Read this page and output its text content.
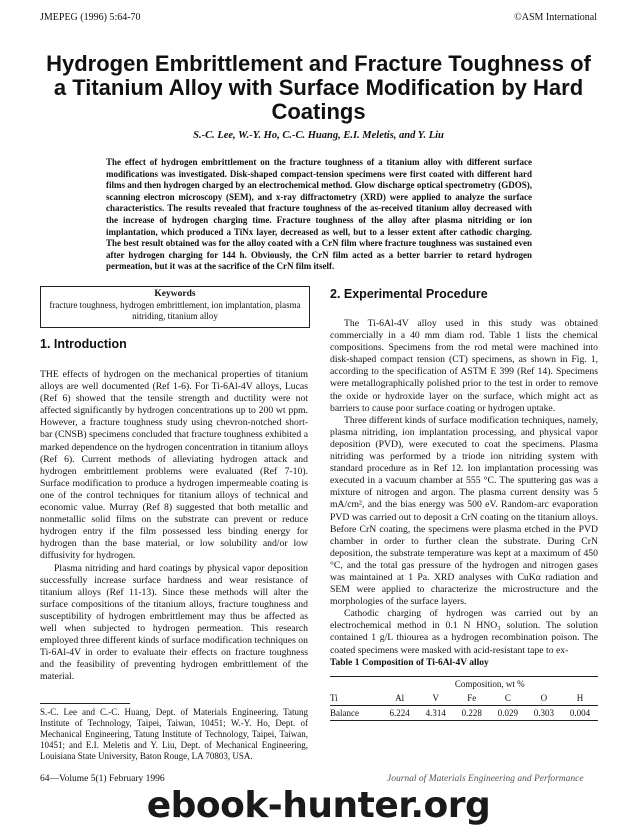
JMEPEG (1996) 5:64-70	©ASM International
Hydrogen Embrittlement and Fracture Toughness of a Titanium Alloy with Surface Modification by Hard Coatings
S.-C. Lee, W.-Y. Ho, C.-C. Huang, E.I. Meletis, and Y. Liu

The effect of hydrogen embrittlement on the fracture toughness of a titanium alloy with different surface modifications was investigated. Disk-shaped compact-tension specimens were first coated with different hard films and then hydrogen charged by an electrochemical method. Glow discharge optical spectrometry (GDOS), scanning electron microscopy (SEM), and x-ray diffractometry (XRD) were applied to analyze the surface characteristics. The results revealed that fracture toughness of the as-received titanium alloy decreased with the increase of hydrogen charging time. Fracture toughness of the alloy after plasma nitriding or ion implantation, which produced a TiNx layer, decreased as well, but to a lesser extent after cathodic charging. The best result obtained was for the alloy coated with a CrN film where fracture toughness was sustained even after hydrogen charging for 144 h. Obviously, the CrN film acted as a better barrier to retard hydrogen permeation, but it was at the sacrifice of the CrN film itself.

Keywords
fracture toughness, hydrogen embrittlement, ion implantation, plasma nitriding, titanium alloy
1. Introduction

THE effects of hydrogen on the mechanical properties of titanium alloys are well documented (Ref 1-6). For Ti-6Al-4V alloys, Lucas (Ref 6) showed that the tensile strength and ductility were not affected significantly by hydrogen concentrations up to 200 wt ppm. However, a fracture toughness study using chevron-notched short-bar (CNSB) specimens concluded that fracture toughness exhibited a marked dependence on the hydrogen concentration in titanium alloys (Ref 6). Current methods of alleviating hydrogen attack and hydrogen embrittlement problems were evaluated (Ref 7-10). Surface modification to produce a hydrogen impermeable coating is one of the control techniques for titanium alloys of technical and economic value. Murray (Ref 8) suggested that both metallic and nonmetallic solid films on the substrate can prevent or reduce hydrogen entry if the film possessed less binding energy for hydrogen than the base material, or low solubility and/or low diffusivity for hydrogen.

Plasma nitriding and hard coatings by physical vapor deposition successfully increase surface hardness and wear resistance of titanium alloys (Ref 11-13). Since these methods will alter the surface compositions of the titanium alloys, fracture toughness and susceptibility of hydrogen embrittlement may thus be affected as well when subjected to hydrogen permeation. This research employed three different kinds of surface modification techniques on Ti-6Al-4V in order to evaluate their effects on fracture toughness and the feasibility of preventing hydrogen embrittlement of the material.

S.-C. Lee and C.-C. Huang, Dept. of Materials Engineering, Tatung Institute of Technology, Taipei, Taiwan, 10451; W.-Y. Ho, Dept. of Mechanical Engineering, Tatung Institute of Technology, Taipei, Taiwan, 10451; and E.I. Meletis and Y. Liu, Dept. of Mechanical Engineering, Louisiana State University, Baton Rouge, LA 70803, USA.
2. Experimental Procedure

The Ti-6Al-4V alloy used in this study was obtained commercially in a 40 mm diam rod. Table 1 lists the chemical compositions. Specimens from the rod metal were machined into disk-shaped compact tension (CT) specimens, as shown in Fig. 1, according to the specification of ASTM E 399 (Ref 14). Specimens were metallographically polished prior to the test in order to remove the oxide or hydroxide layer on the surface, which might act as barriers to cause poor surface coating or hydrogen uptake.

Three different kinds of surface modification techniques, namely, plasma nitriding, ion implantation processing, and physical vapor deposition (PVD), were executed to coat the specimens. Plasma nitriding was performed by a triode ion nitriding system with standard procedure as in Ref 12. Ion implantation processing was executed in a vacuum chamber at 555 °C. The sputtering gas was a mixture of nitrogen and argon. The plasma current density was 5 mA/cm², and the bias energy was 500 eV. Random-arc evaporation PVD was carried out to deposit a CrN coating on the titanium alloys. Before CrN coating, the specimens were plasma etched in the PVD chamber in order to further clean the substrate. During CrN deposition, the substrate temperature was kept at a maximum of 450 °C, and the total gas pressure of the hydrogen and nitrogen gases was maintained at 1 Pa. XRD analyses with CuKα radiation and SEM were applied to characterize the microstructure and the morphologies of the surface layers.

Cathodic charging of hydrogen was carried out by an electrochemical method in 0.1 N HNO₃ solution. The solution contained 1 g/L thiourea as a hydrogen recombination poison. The coated specimens were masked with acid-resistant tape to ex-

Table 1 Composition of Ti-6Al-4V alloy
	Composition, wt %					
Ti	Al	V	Fe	C	O	H
Balance	6.224	4.314	0.228	0.029	0.303	0.004
64—Volume 5(1) February 1996	Journal of Materials Engineering and Performance
ebook-hunter.org
